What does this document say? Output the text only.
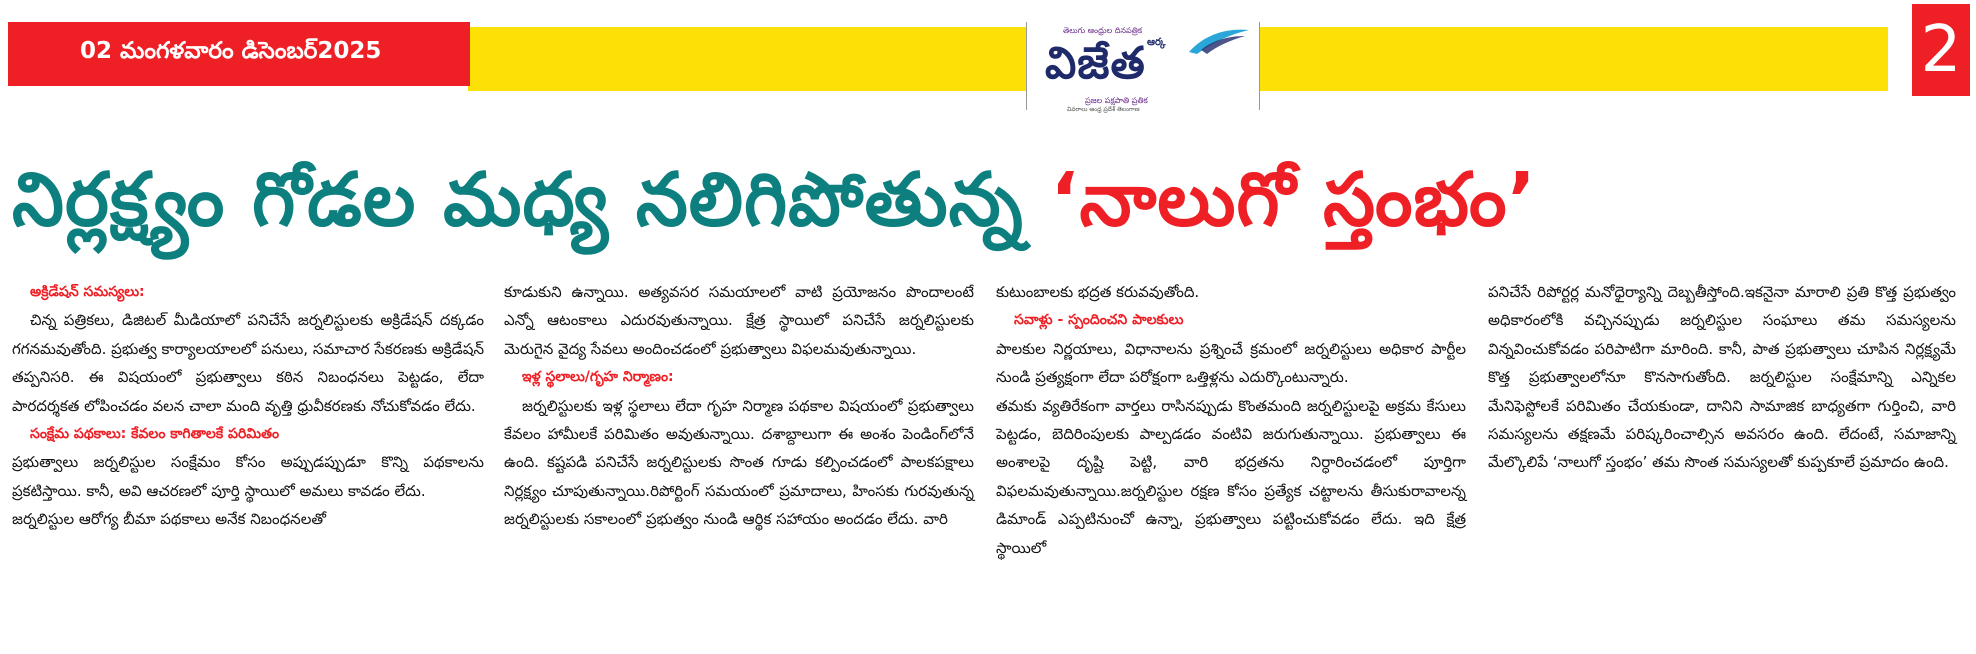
02 మంగళవారం డిసెంబర్2025
తెలుగు ఆంధ్రుల దినపత్రిక
ఆర్క
విజేత
ప్రజల పక్షపాతి ప్రతిక
వివరాలు ఆంధ్ర ప్రదేశ్ తెలంగాణ
2
నిర్లక్ష్యం గోడల మధ్య నలిగిపోతున్న ‘నాలుగో స్తంభం’
అక్రిడేషన్ సమస్యలు:

చిన్న పత్రికలు, డిజిటల్ మీడియాలో పనిచేసే జర్నలిస్టులకు అక్రిడేషన్ దక్కడం గగనమవుతోంది. ప్రభుత్వ కార్యాలయాలలో పనులు, సమాచార సేకరణకు అక్రిడేషన్ తప్పనిసరి. ఈ విషయంలో ప్రభుత్వాలు కఠిన నిబంధనలు పెట్టడం, లేదా పారదర్శకత లోపించడం వలన చాలా మంది వృత్తి ధ్రువీకరణకు నోచుకోవడం లేదు.

సంక్షేమ పథకాలు: కేవలం కాగితాలకే పరిమితం

ప్రభుత్వాలు జర్నలిస్టుల సంక్షేమం కోసం అప్పుడప్పుడూ కొన్ని పథకాలను ప్రకటిస్తాయి. కానీ, అవి ఆచరణలో పూర్తి స్థాయిలో అమలు కావడం లేదు.

జర్నలిస్టుల ఆరోగ్య బీమా పథకాలు అనేక నిబంధనలతో

కూడుకుని ఉన్నాయి. అత్యవసర సమయాలలో వాటి ప్రయోజనం పొందాలంటే ఎన్నో ఆటంకాలు ఎదురవుతున్నాయి. క్షేత్ర స్థాయిలో పనిచేసే జర్నలిస్టులకు మెరుగైన వైద్య సేవలు అందించడంలో ప్రభుత్వాలు విఫలమవుతున్నాయి.

ఇళ్ల స్థలాలు/గృహ నిర్మాణం:

జర్నలిస్టులకు ఇళ్ల స్థలాలు లేదా గృహ నిర్మాణ పథకాల విషయంలో ప్రభుత్వాలు కేవలం హామీలకే పరిమితం అవుతున్నాయి. దశాబ్దాలుగా ఈ అంశం పెండింగ్‌లోనే ఉంది. కష్టపడి పనిచేసే జర్నలిస్టులకు సొంత గూడు కల్పించడంలో పాలకపక్షాలు నిర్లక్ష్యం చూపుతున్నాయి.రిపోర్టింగ్ సమయంలో ప్రమాదాలు, హింసకు గురవుతున్న జర్నలిస్టులకు సకాలంలో ప్రభుత్వం నుండి ఆర్థిక సహాయం అందడం లేదు. వారి

కుటుంబాలకు భద్రత కరువవుతోంది.

సవాళ్లు - స్పందించని పాలకులు

పాలకుల నిర్ణయాలు, విధానాలను ప్రశ్నించే క్రమంలో జర్నలిస్టులు అధికార పార్టీల నుండి ప్రత్యక్షంగా లేదా పరోక్షంగా ఒత్తిళ్లను ఎదుర్కొంటున్నారు.

తమకు వ్యతిరేకంగా వార్తలు రాసినప్పుడు కొంతమంది జర్నలిస్టులపై అక్రమ కేసులు పెట్టడం, బెదిరింపులకు పాల్పడడం వంటివి జరుగుతున్నాయి. ప్రభుత్వాలు ఈ అంశాలపై దృష్టి పెట్టి, వారి భద్రతను నిర్ధారించడంలో పూర్తిగా విఫలమవుతున్నాయి.జర్నలిస్టుల రక్షణ కోసం ప్రత్యేక చట్టాలను తీసుకురావాలన్న డిమాండ్ ఎప్పటినుంచో ఉన్నా, ప్రభుత్వాలు పట్టించుకోవడం లేదు. ఇది క్షేత్ర స్థాయిలో

పనిచేసే రిపోర్టర్ల మనోధైర్యాన్ని దెబ్బతీస్తోంది.ఇకనైనా మారాలి ప్రతి కొత్త ప్రభుత్వం అధికారంలోకి వచ్చినప్పుడు జర్నలిస్టుల సంఘాలు తమ సమస్యలను విన్నవించుకోవడం పరిపాటిగా మారింది. కానీ, పాత ప్రభుత్వాలు చూపిన నిర్లక్ష్యమే కొత్త ప్రభుత్వాలలోనూ కొనసాగుతోంది. జర్నలిస్టుల సంక్షేమాన్ని ఎన్నికల మేనిఫెస్టోలకే పరిమితం చేయకుండా, దానిని సామాజిక బాధ్యతగా గుర్తించి, వారి సమస్యలను తక్షణమే పరిష్కరించాల్సిన అవసరం ఉంది. లేదంటే, సమాజాన్ని మేల్కొలిపే ‘నాలుగో స్తంభం’ తమ సొంత సమస్యలతో కుప్పకూలే ప్రమాదం ఉంది.
